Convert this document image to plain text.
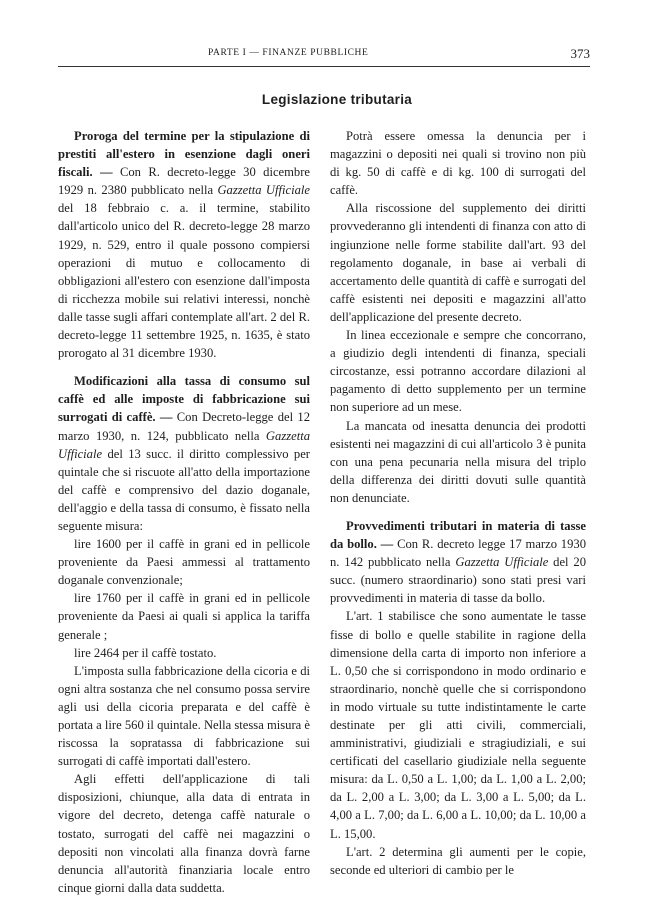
PARTE I — FINANZE PUBBLICHE	373
Legislazione tributaria

Proroga del termine per la stipulazione di prestiti all'estero in esenzione dagli oneri fiscali. — Con R. decreto-legge 30 dicembre 1929 n. 2380 pubblicato nella Gazzetta Ufficiale del 18 febbraio c. a. il termine, stabilito dall'articolo unico del R. decreto-legge 28 marzo 1929, n. 529, entro il quale possono compiersi operazioni di mutuo e collocamento di obbligazioni all'estero con esenzione dall'imposta di ricchezza mobile sui relativi interessi, nonchè dalle tasse sugli affari contemplate all'art. 2 del R. decreto-legge 11 settembre 1925, n. 1635, è stato prorogato al 31 dicembre 1930.

Modificazioni alla tassa di consumo sul caffè ed alle imposte di fabbricazione sui surrogati di caffè. — Con Decreto-legge del 12 marzo 1930, n. 124, pubblicato nella Gazzetta Ufficiale del 13 succ. il diritto complessivo per quintale che si riscuote all'atto della importazione del caffè e comprensivo del dazio doganale, dell'aggio e della tassa di consumo, è fissato nella seguente misura:

lire 1600 per il caffè in grani ed in pellicole proveniente da Paesi ammessi al trattamento doganale convenzionale;

lire 1760 per il caffè in grani ed in pellicole proveniente da Paesi ai quali si applica la tariffa generale ;

lire 2464 per il caffè tostato.

L'imposta sulla fabbricazione della cicoria e di ogni altra sostanza che nel consumo possa servire agli usi della cicoria preparata e del caffè è portata a lire 560 il quintale. Nella stessa misura è riscossa la sopratassa di fabbricazione sui surrogati di caffè importati dall'estero.

Agli effetti dell'applicazione di tali disposizioni, chiunque, alla data di entrata in vigore del decreto, detenga caffè naturale o tostato, surrogati del caffè nei magazzini o depositi non vincolati alla finanza dovrà farne denuncia all'autorità finanziaria locale entro cinque giorni dalla data suddetta.

Potrà essere omessa la denuncia per i magazzini o depositi nei quali si trovino non più di kg. 50 di caffè e di kg. 100 di surrogati del caffè.

Alla riscossione del supplemento dei diritti provvederanno gli intendenti di finanza con atto di ingiunzione nelle forme stabilite dall'art. 93 del regolamento doganale, in base ai verbali di accertamento delle quantità di caffè e surrogati del caffè esistenti nei depositi e magazzini all'atto dell'applicazione del presente decreto.

In linea eccezionale e sempre che concorrano, a giudizio degli intendenti di finanza, speciali circostanze, essi potranno accordare dilazioni al pagamento di detto supplemento per un termine non superiore ad un mese.

La mancata od inesatta denuncia dei prodotti esistenti nei magazzini di cui all'articolo 3 è punita con una pena pecunaria nella misura del triplo della differenza dei diritti dovuti sulle quantità non denunciate.

Provvedimenti tributari in materia di tasse da bollo. — Con R. decreto legge 17 marzo 1930 n. 142 pubblicato nella Gazzetta Ufficiale del 20 succ. (numero straordinario) sono stati presi vari provvedimenti in materia di tasse da bollo.

L'art. 1 stabilisce che sono aumentate le tasse fisse di bollo e quelle stabilite in ragione della dimensione della carta di importo non inferiore a L. 0,50 che si corrispondono in modo ordinario e straordinario, nonchè quelle che si corrispondono in modo virtuale su tutte indistintamente le carte destinate per gli atti civili, commerciali, amministrativi, giudiziali e stragiudiziali, e sui certificati del casellario giudiziale nella seguente misura: da L. 0,50 a L. 1,00; da L. 1,00 a L. 2,00; da L. 2,00 a L. 3,00; da L. 3,00 a L. 5,00; da L. 4,00 a L. 7,00; da L. 6,00 a L. 10,00; da L. 10,00 a L. 15,00.

L'art. 2 determina gli aumenti per le copie, seconde ed ulteriori di cambio per le
